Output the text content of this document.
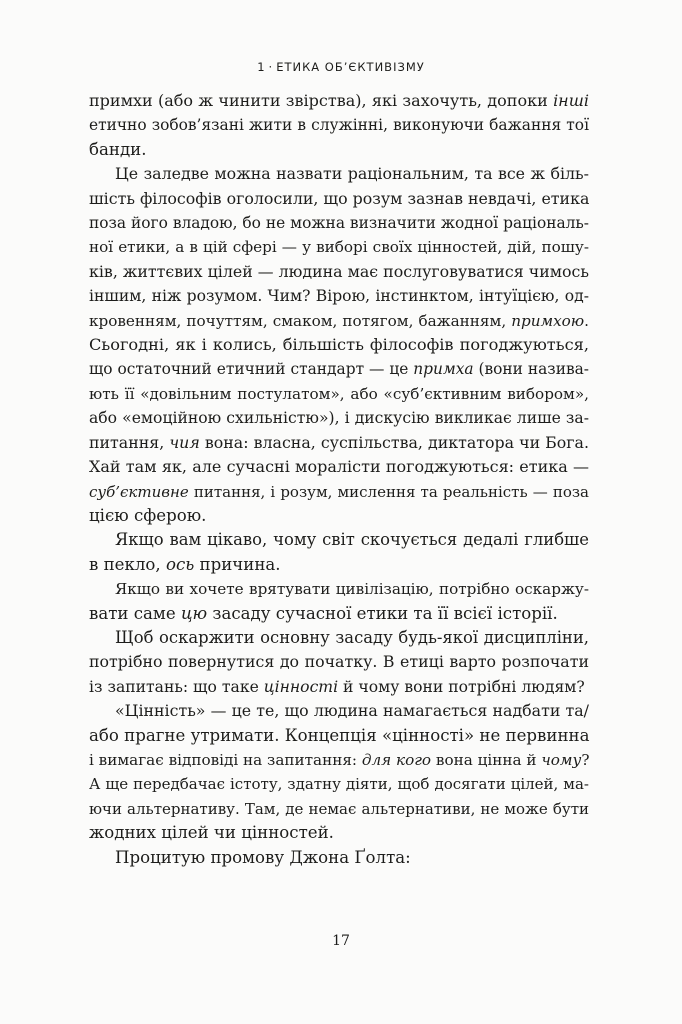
1 · ЕТИКА ОБ’ЄКТИВІЗМУ
примхи (або ж чинити звірства), які захочуть, допоки інші
етично зобов’язані жити в служінні, виконуючи бажання тої
банди.
Це заледве можна назвати раціональним, та все ж біль-
шість філософів оголосили, що розум зазнав невдачі, етика
поза його владою, бо не можна визначити жодної раціональ-
ної етики, а в цій сфері — у виборі своїх цінностей, дій, пошу-
ків, життєвих цілей — людина має послуговуватися чимось
іншим, ніж розумом. Чим? Вірою, інстинктом, інтуїцією, од-
кровенням, почуттям, смаком, потягом, бажанням, примхою.
Сьогодні, як і колись, більшість філософів погоджуються,
що остаточний етичний стандарт — це примха (вони назива-
ють її «довільним постулатом», або «суб’єктивним вибором»,
або «емоційною схильністю»), і дискусію викликає лише за-
питання, чия вона: власна, суспільства, диктатора чи Бога.
Хай там як, але сучасні моралісти погоджуються: етика —
суб’єктивне питання, і розум, мислення та реальність — поза
цією сферою.
Якщо вам цікаво, чому світ скочується дедалі глибше
в пекло, ось причина.
Якщо ви хочете врятувати цивілізацію, потрібно оскаржу-
вати саме цю засаду сучасної етики та її всієї історії.
Щоб оскаржити основну засаду будь-якої дисципліни,
потрібно повернутися до початку. В етиці варто розпочати
із запитань: що таке цінності й чому вони потрібні людям?
«Цінність» — це те, що людина намагається надбати та/
або прагне утримати. Концепція «цінності» не первинна
і вимагає відповіді на запитання: для кого вона цінна й чому?
А ще передбачає істоту, здатну діяти, щоб досягати цілей, ма-
ючи альтернативу. Там, де немає альтернативи, не може бути
жодних цілей чи цінностей.
Процитую промову Джона Ґолта:
17
